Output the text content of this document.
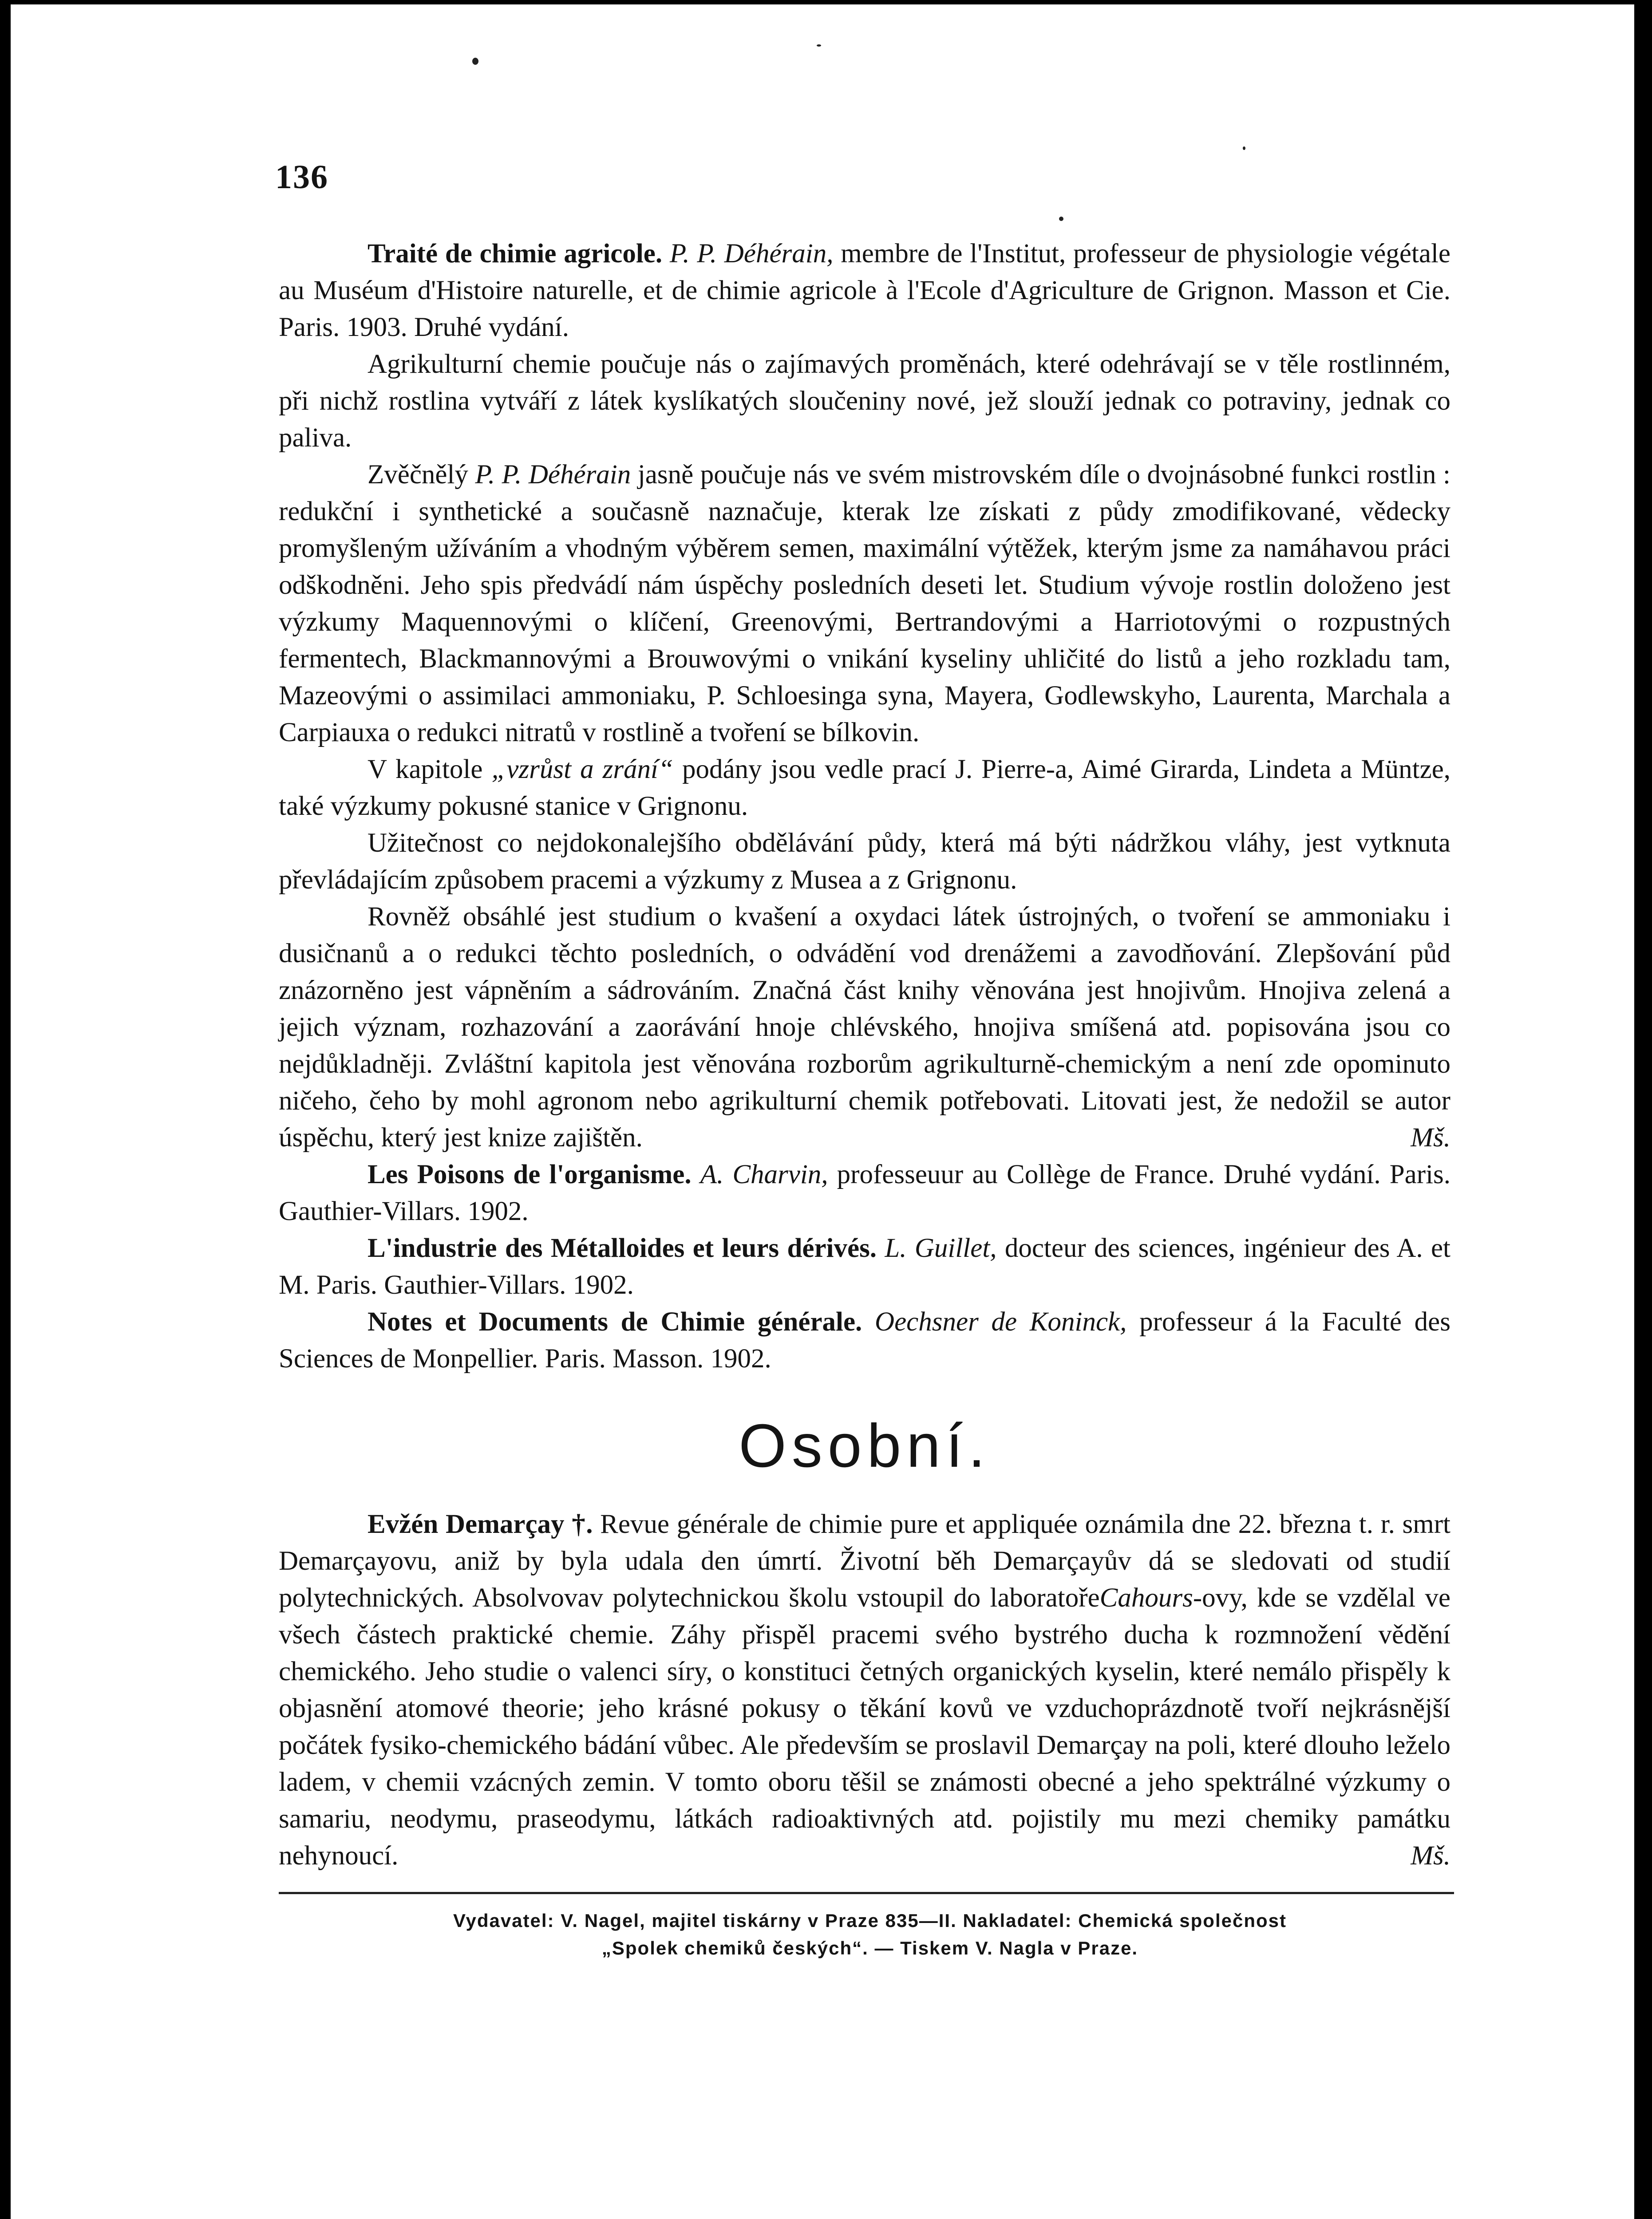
136

Traité de chimie agricole. P. P. Déhérain, membre de l'Institut, professeur de physiologie végétale au Muséum d'Histoire naturelle, et de chimie agricole à l'Ecole d'Agriculture de Grignon. Masson et Cie. Paris. 1903. Druhé vydání.

Agrikulturní chemie poučuje nás o zajímavých proměnách, které odehrávají se v těle rostlinném, při nichž rostlina vytváří z látek kyslíkatých sloučeniny nové, jež slouží jednak co potraviny, jednak co paliva.

Zvěčnělý P. P. Déhérain jasně poučuje nás ve svém mistrovském díle o dvojnásobné funkci rostlin : redukční i synthetické a současně naznačuje, kterak lze získati z půdy zmodifikované, vědecky promyšleným užíváním a vhodným výběrem semen, maximální výtěžek, kterým jsme za namáhavou práci odškodněni. Jeho spis předvádí nám úspěchy posledních deseti let. Studium vývoje rostlin doloženo jest výzkumy Maquennovými o klíčení, Greenovými, Bertrandovými a Harriotovými o rozpustných fermentech, Blackmannovými a Brouwovými o vnikání kyseliny uhličité do listů a jeho rozkladu tam, Mazeovými o assimilaci ammoniaku, P. Schloesinga syna, Mayera, Godlewskyho, Laurenta, Marchala a Carpiauxa o redukci nitratů v rostlině a tvoření se bílkovin.

V kapitole „vzrůst a zrání“ podány jsou vedle prací J. Pierre-a, Aimé Girarda, Lindeta a Müntze, také výzkumy pokusné stanice v Grignonu.

Užitečnost co nejdokonalejšího obdělávání půdy, která má býti nádržkou vláhy, jest vytknuta převládajícím způsobem pracemi a výzkumy z Musea a z Grignonu.

Rovněž obsáhlé jest studium o kvašení a oxydaci látek ústrojných, o tvoření se ammoniaku i dusičnanů a o redukci těchto posledních, o odvádění vod drenážemi a zavodňování. Zlepšování půd znázorněno jest vápněním a sádrováním. Značná část knihy věnována jest hnojivům. Hnojiva zelená a jejich význam, rozhazování a zaorávání hnoje chlévského, hnojiva smíšená atd. popisována jsou co nejdůkladněji. Zvláštní kapitola jest věnována rozborům agrikulturně-chemickým a není zde opominuto ničeho, čeho by mohl agronom nebo agrikulturní chemik potřebovati. Litovati jest, že nedožil se autor úspěchu, který jest knize zajištěn.	Mš.

Les Poisons de l'organisme. A. Charvin, professeuur au Collège de France. Druhé vydání. Paris. Gauthier-Villars. 1902.

L'industrie des Métalloides et leurs dérivés. L. Guillet, docteur des sciences, ingénieur des A. et M. Paris. Gauthier-Villars. 1902.

Notes et Documents de Chimie générale. Oechsner de Koninck, professeur á la Faculté des Sciences de Monpellier. Paris. Masson. 1902.

Osobní.

Evžén Demarçay †. Revue générale de chimie pure et appliquée oznámila dne 22. března t. r. smrt Demarçayovu, aniž by byla udala den úmrtí. Životní běh Demarçayův dá se sledovati od studií polytechnických. Absolvovav polytechnickou školu vstoupil do laboratořeCahours-ovy, kde se vzdělal ve všech částech praktické chemie. Záhy přispěl pracemi svého bystrého ducha k rozmnožení vědění chemického. Jeho studie o valenci síry, o konstituci četných organických kyselin, které nemálo přispěly k objasnění atomové theorie; jeho krásné pokusy o těkání kovů ve vzduchoprázdnotě tvoří nejkrásnější počátek fysiko-chemického bádání vůbec. Ale především se proslavil Demarçay na poli, které dlouho leželo ladem, v chemii vzácných zemin. V tomto oboru těšil se známosti obecné a jeho spektrálné výzkumy o samariu, neodymu, praseodymu, látkách radioaktivných atd. pojistily mu mezi chemiky památku nehynoucí.	Mš.

Vydavatel: V. Nagel, majitel tiskárny v Praze 835—II. Nakladatel: Chemická společnost
„Spolek chemiků českých“. — Tiskem V. Nagla v Praze.
